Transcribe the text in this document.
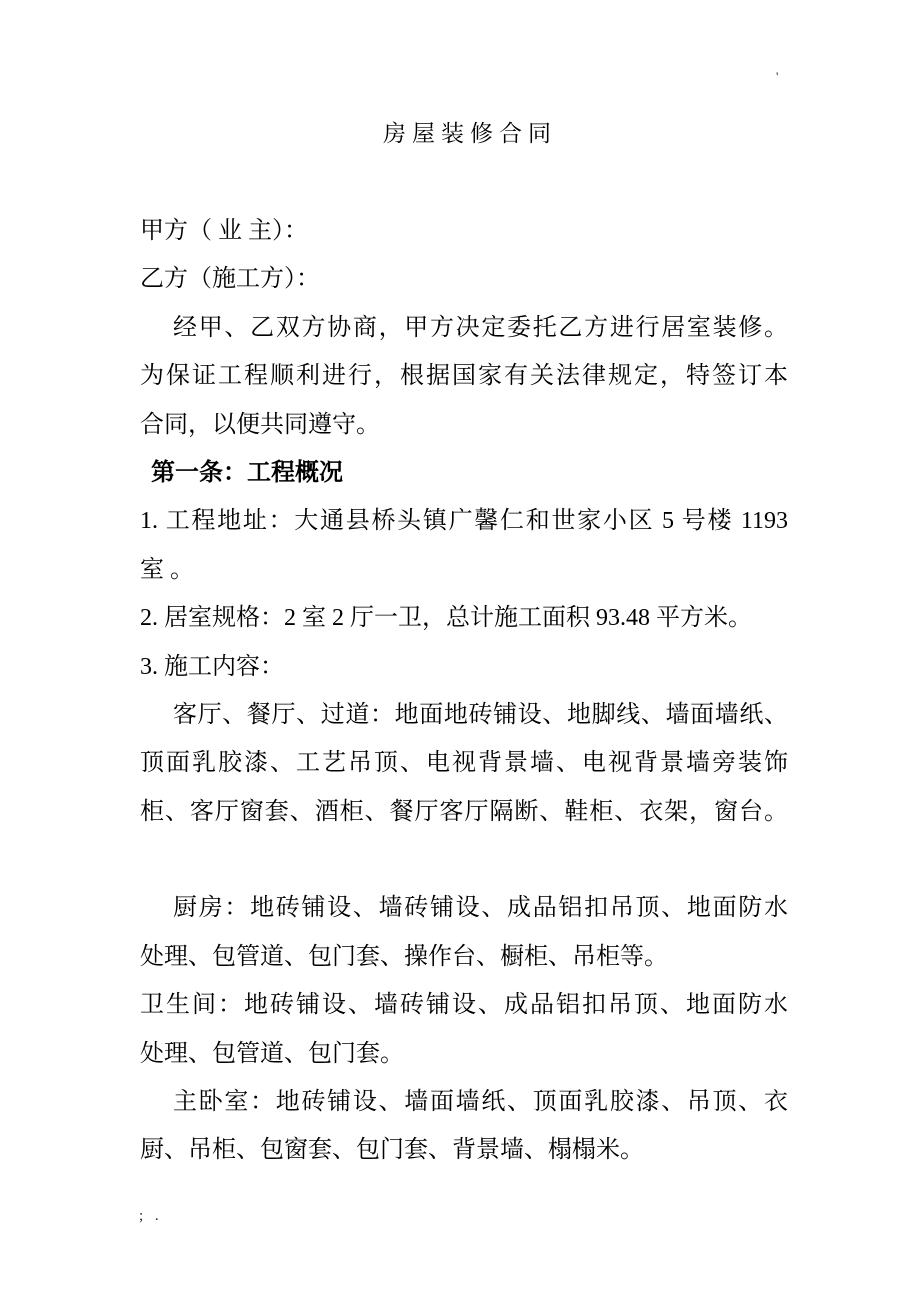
'
房屋装修合同
甲方（ 业 主）：
乙方（施工方）：
经甲、乙双方协商，甲方决定委托乙方进行居室装修。
为保证工程顺利进行，根据国家有关法律规定，特签订本
合同，以便共同遵守。
第一条：工程概况
1. 工程地址：大通县桥头镇广馨仁和世家小区 5 号楼 1193
室 。
2. 居室规格：2 室 2 厅一卫，总计施工面积 93.48 平方米。
3. 施工内容：
客厅、餐厅、过道：地面地砖铺设、地脚线、墙面墙纸、
顶面乳胶漆、工艺吊顶、电视背景墙、电视背景墙旁装饰
柜、客厅窗套、酒柜、餐厅客厅隔断、鞋柜、衣架，窗台。
厨房：地砖铺设、墙砖铺设、成品铝扣吊顶、地面防水
处理、包管道、包门套、操作台、橱柜、吊柜等。
卫生间：地砖铺设、墙砖铺设、成品铝扣吊顶、地面防水
处理、包管道、包门套。
主卧室：地砖铺设、墙面墙纸、顶面乳胶漆、吊顶、衣
厨、吊柜、包窗套、包门套、背景墙、榻榻米。
; .
